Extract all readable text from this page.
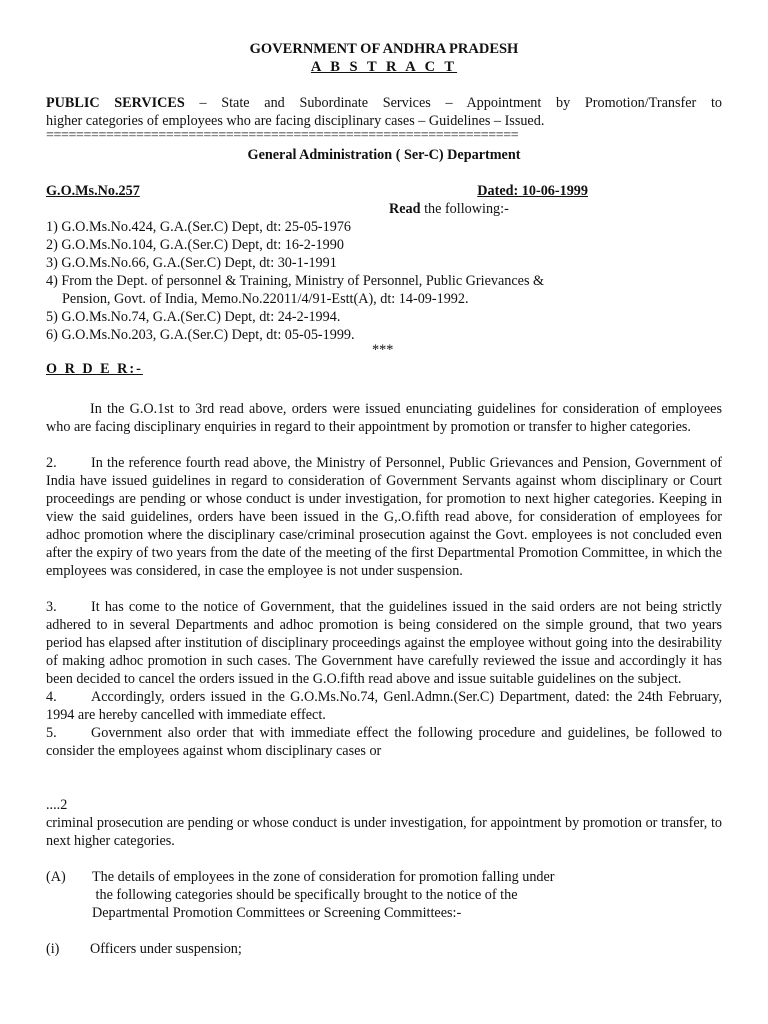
GOVERNMENT OF ANDHRA PRADESH
A B S T R A C T
PUBLIC SERVICES – State and Subordinate Services – Appointment by Promotion/Transfer to
higher categories of employees who are facing disciplinary cases – Guidelines – Issued.
===============================================================
General Administration ( Ser-C) Department
G.O.Ms.No.257	Dated: 10-06-1999
Read the following:-
1) G.O.Ms.No.424, G.A.(Ser.C) Dept, dt: 25-05-1976
2) G.O.Ms.No.104, G.A.(Ser.C) Dept, dt: 16-2-1990
3) G.O.Ms.No.66, G.A.(Ser.C) Dept, dt: 30-1-1991
4) From the Dept. of personnel & Training, Ministry of Personnel, Public Grievances &
Pension, Govt. of India, Memo.No.22011/4/91-Estt(A), dt: 14-09-1992.
5) G.O.Ms.No.74, G.A.(Ser.C) Dept, dt: 24-2-1994.
6) G.O.Ms.No.203, G.A.(Ser.C) Dept, dt: 05-05-1999.
***
O R D E R:-
In the G.O.1st to 3rd read above, orders were issued enunciating guidelines for consideration of employees who are facing disciplinary enquiries in regard to their appointment by promotion or transfer to higher categories.
2. In the reference fourth read above, the Ministry of Personnel, Public Grievances and Pension, Government of India have issued guidelines in regard to consideration of Government Servants against whom disciplinary or Court proceedings are pending or whose conduct is under investigation, for promotion to next higher categories. Keeping in view the said guidelines, orders have been issued in the G,.O.fifth read above, for consideration of employees for adhoc promotion where the disciplinary case/criminal prosecution against the Govt. employees is not concluded even after the expiry of two years from the date of the meeting of the first Departmental Promotion Committee, in which the employees was considered, in case the employee is not under suspension.
3. It has come to the notice of Government, that the guidelines issued in the said orders are not being strictly adhered to in several Departments and adhoc promotion is being considered on the simple ground, that two years period has elapsed after institution of disciplinary proceedings against the employee without going into the desirability of making adhoc promotion in such cases. The Government have carefully reviewed the issue and accordingly it has been decided to cancel the orders issued in the G.O.fifth read above and issue suitable guidelines on the subject.
4. Accordingly, orders issued in the G.O.Ms.No.74, Genl.Admn.(Ser.C) Department, dated: the 24th February, 1994 are hereby cancelled with immediate effect.
5. Government also order that with immediate effect the following procedure and guidelines, be followed to consider the employees against whom disciplinary cases or
....2
criminal prosecution are pending or whose conduct is under investigation, for appointment by promotion or transfer, to next higher categories.
(A)	The details of employees in the zone of consideration for promotion falling under
the following categories should be specifically brought to the notice of the
Departmental Promotion Committees or Screening Committees:-
(i)	Officers under suspension;
